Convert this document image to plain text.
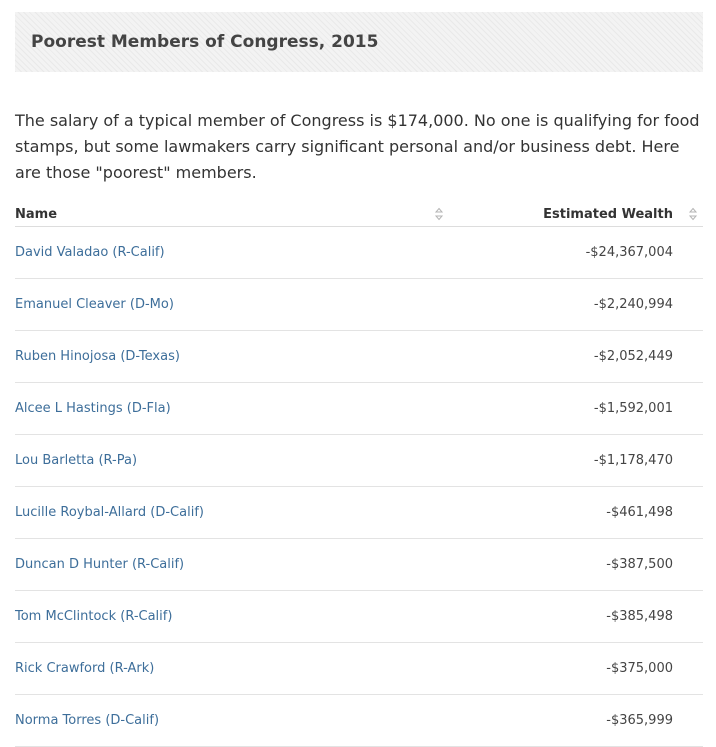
Poorest Members of Congress, 2015

The salary of a typical member of Congress is $174,000. No one is qualifying for food stamps, but some lawmakers carry significant personal and/or business debt. Here are those "poorest" members.

Name	Estimated Wealth

David Valadao (R-Calif)	-$24,367,004
Emanuel Cleaver (D-Mo)	-$2,240,994
Ruben Hinojosa (D-Texas)	-$2,052,449
Alcee L Hastings (D-Fla)	-$1,592,001
Lou Barletta (R-Pa)	-$1,178,470
Lucille Roybal-Allard (D-Calif)	-$461,498
Duncan D Hunter (R-Calif)	-$387,500
Tom McClintock (R-Calif)	-$385,498
Rick Crawford (R-Ark)	-$375,000
Norma Torres (D-Calif)	-$365,999
